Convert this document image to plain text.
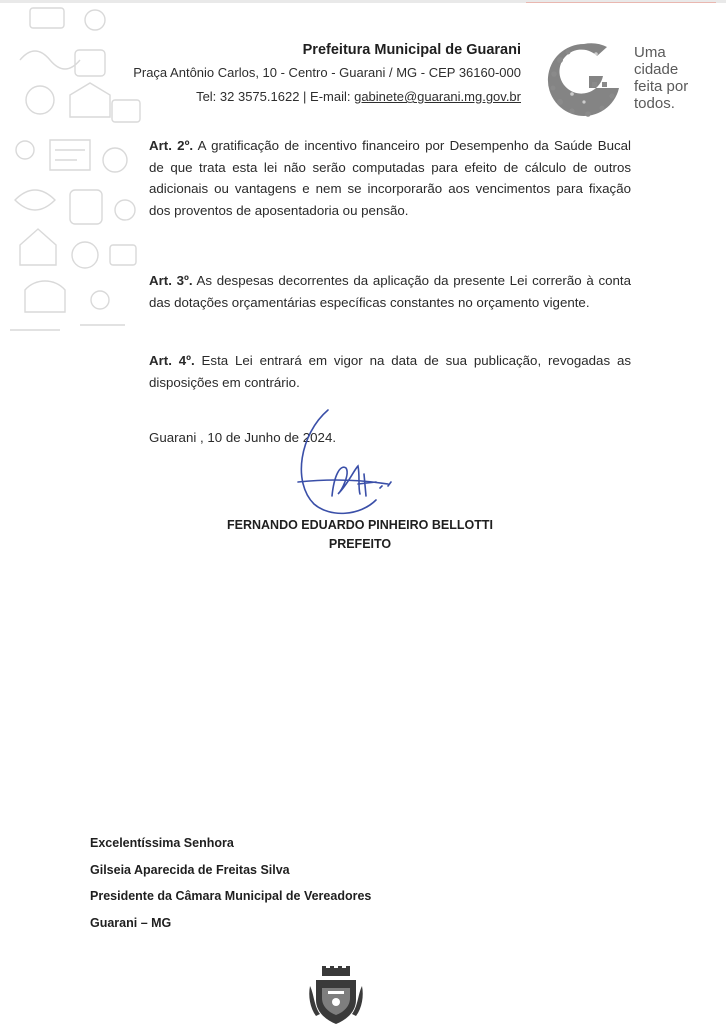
Prefeitura Municipal de Guarani
Praça Antônio Carlos, 10 - Centro - Guarani / MG - CEP 36160-000
Tel: 32 3575.1622 | E-mail: gabinete@guarani.mg.gov.br
Uma
cidade
feita por
todos.
Art. 2º. A gratificação de incentivo financeiro por Desempenho da Saúde Bucal de que trata esta lei não serão computadas para efeito de cálculo de outros adicionais ou vantagens e nem se incorporarão aos vencimentos para fixação dos proventos de aposentadoria ou pensão.
Art. 3º. As despesas decorrentes da aplicação da presente Lei correrão à conta das dotações orçamentárias específicas constantes no orçamento vigente.
Art. 4º. Esta Lei entrará em vigor na data de sua publicação, revogadas as disposições em contrário.
Guarani , 10 de Junho de 2024.
FERNANDO EDUARDO PINHEIRO BELLOTTI
PREFEITO
Excelentíssima Senhora
Gilseia Aparecida de Freitas Silva
Presidente da Câmara Municipal de Vereadores
Guarani – MG
